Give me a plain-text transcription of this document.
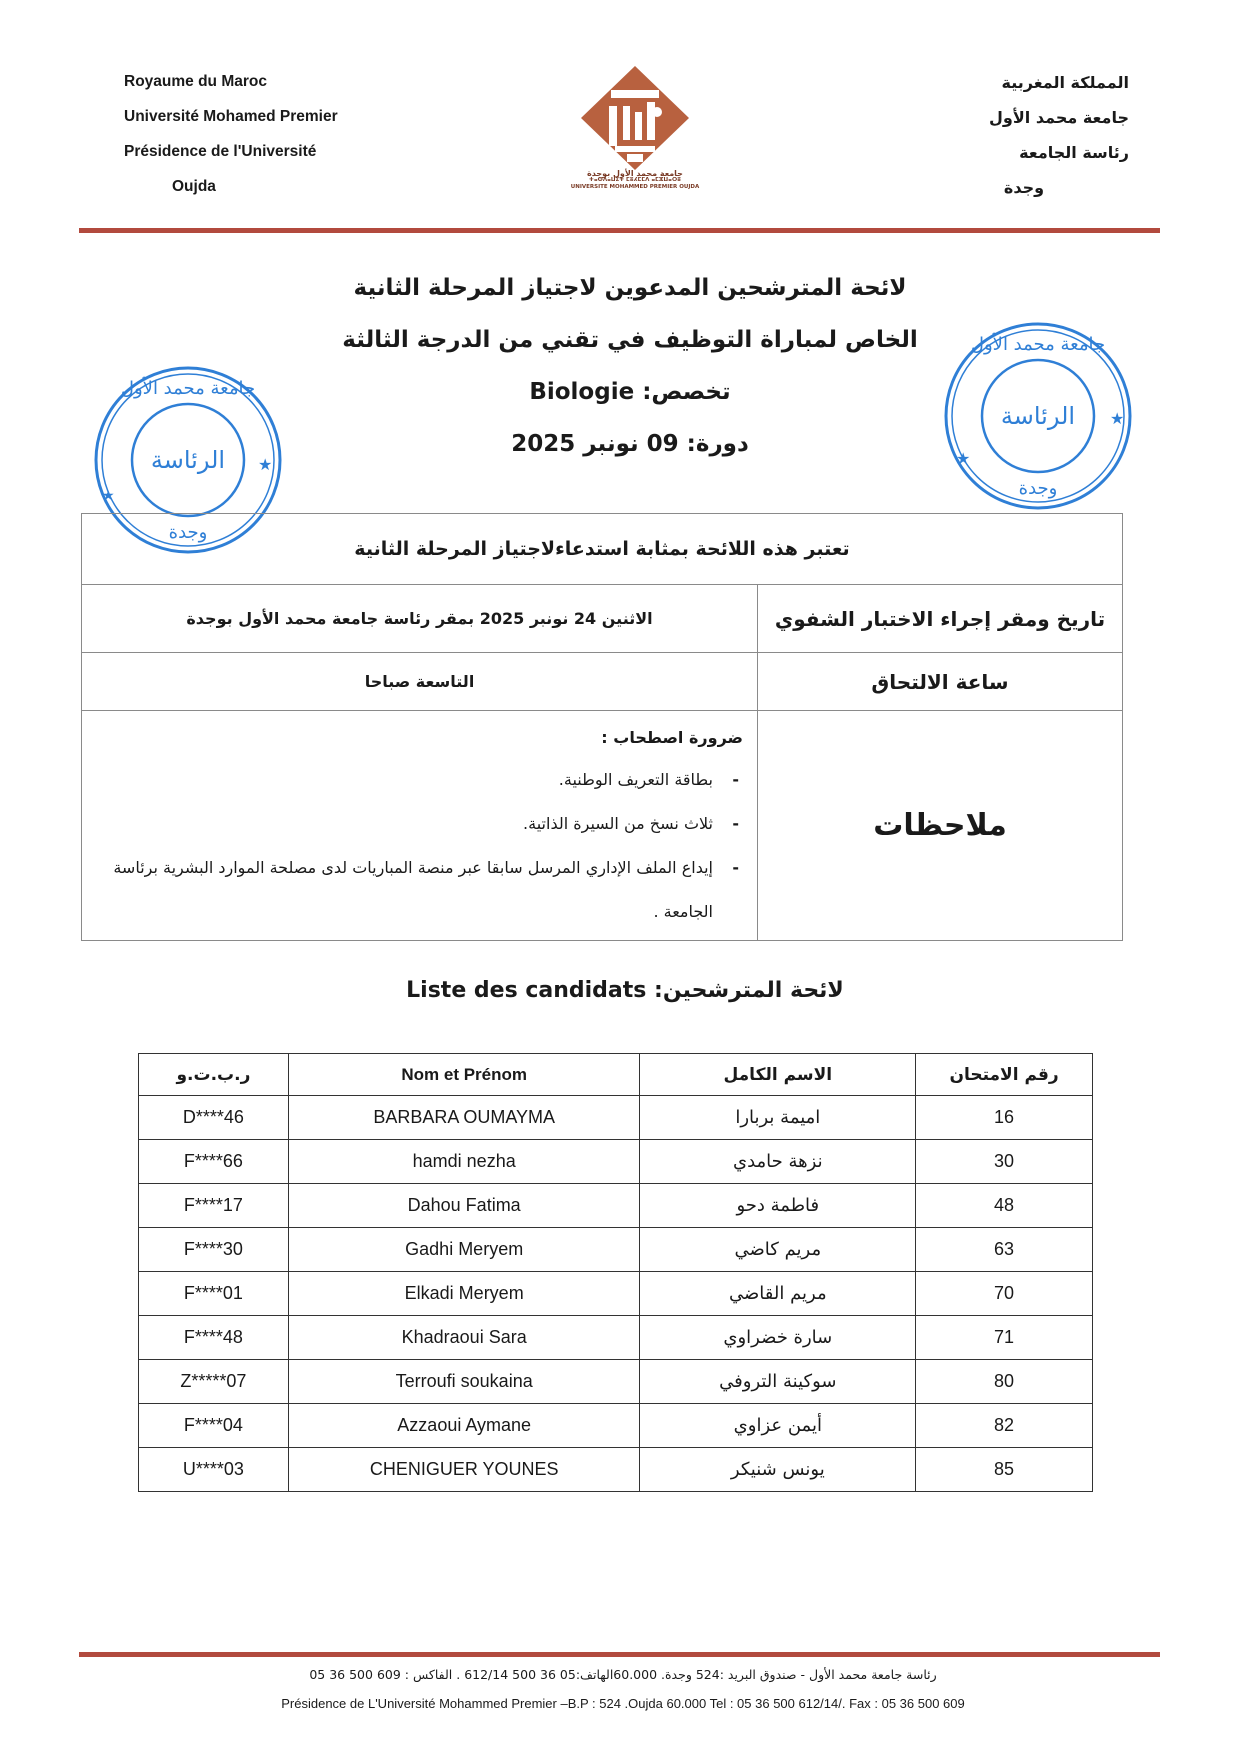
Royaume du Maroc
Université Mohamed Premier
Présidence de l'Université
Oujda
جامعة محمد الأول بوجدة
ⵜⴰⵙⴷⴰⵡⵉⵜ ⵎⵓⵃⵎⵎⴷ ⴰⵎⵣⵡⴰⵔⵓ
UNIVERSITE MOHAMMED PREMIER OUJDA
المملكة المغربية
جامعة محمد الأول
رئاسة الجامعة
وجدة
لائحة المترشحين المدعوين لاجتياز المرحلة الثانية
الخاص لمباراة التوظيف في تقني من الدرجة الثالثة
تخصص: Biologie
دورة: 09 نونبر 2025
الرئاسة
وجدة
جامعة محمد الأول
★
★
الرئاسة
وجدة
جامعة محمد الأول
★
★
تعتبر هذه اللائحة بمثابة استدعاءلاجتياز المرحلة الثانية	
تاريخ ومقر إجراء الاختبار الشفوي	الاثنين 24 نونبر 2025 بمقر رئاسة جامعة محمد الأول بوجدة
ساعة الالتحاق	التاسعة صباحا
ملاحظات	ضرورة اصطحاب :
- بطاقة التعريف الوطنية.
- ثلاث نسخ من السيرة الذاتية.
- إيداع الملف الإداري المرسل سابقا عبر منصة المباريات لدى مصلحة الموارد البشرية برئاسة الجامعة .
لائحة المترشحين: Liste des candidats
ر.ب.ت.و	Nom et Prénom	الاسم الكامل	رقم الامتحان
D****46	BARBARA OUMAYMA	اميمة بربارا	16
F****66	hamdi nezha	نزهة حامدي	30
F****17	Dahou Fatima	فاطمة دحو	48
F****30	Gadhi Meryem	مريم كاضي	63
F****01	Elkadi Meryem	مريم القاضي	70
F****48	Khadraoui Sara	سارة خضراوي	71
Z*****07	Terroufi soukaina	سوكينة التروفي	80
F****04	Azzaoui Aymane	أيمن عزاوي	82
U****03	CHENIGUER YOUNES	يونس شنيكر	85
رئاسة جامعة محمد الأول - صندوق البريد :524 وجدة. 60.000الهاتف:05 36 500 612/14 . الفاكس : 609 500 36 05
Présidence de L'Université Mohammed Premier –B.P : 524 .Oujda 60.000 Tel : 05 36 500 612/14/. Fax : 05 36 500 609
